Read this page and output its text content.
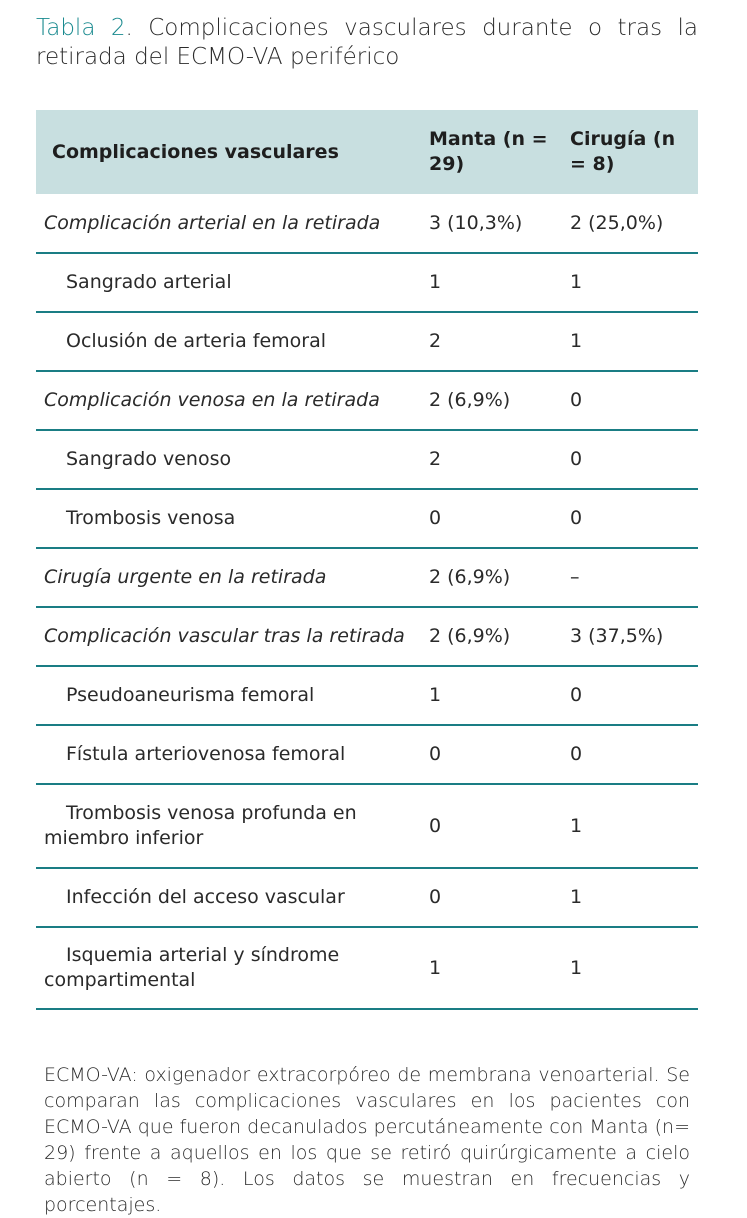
Tabla 2. Complicaciones vasculares durante o tras la retirada del ECMO-VA periférico
Complicaciones vasculares	Manta (n = 29)	Cirugía (n = 8)
Complicación arterial en la retirada	3 (10,3%)	2 (25,0%)
Sangrado arterial	1	1
Oclusión de arteria femoral	2	1
Complicación venosa en la retirada	2 (6,9%)	0
Sangrado venoso	2	0
Trombosis venosa	0	0
Cirugía urgente en la retirada	2 (6,9%)	–
Complicación vascular tras la retirada	2 (6,9%)	3 (37,5%)
Pseudoaneurisma femoral	1	0
Fístula arteriovenosa femoral	0	0
Trombosis venosa profunda en
miembro inferior	0	1
Infección del acceso vascular	0	1
Isquemia arterial y síndrome
compartimental	1	1
ECMO-VA: oxigenador extracorpóreo de membrana venoarterial. Se comparan las complicaciones vasculares en los pacientes con ECMO-VA que fueron decanulados percutáneamente con Manta (n= 29) frente a aquellos en los que se retiró quirúrgicamente a cielo abierto (n = 8). Los datos se muestran en frecuencias y porcentajes.
